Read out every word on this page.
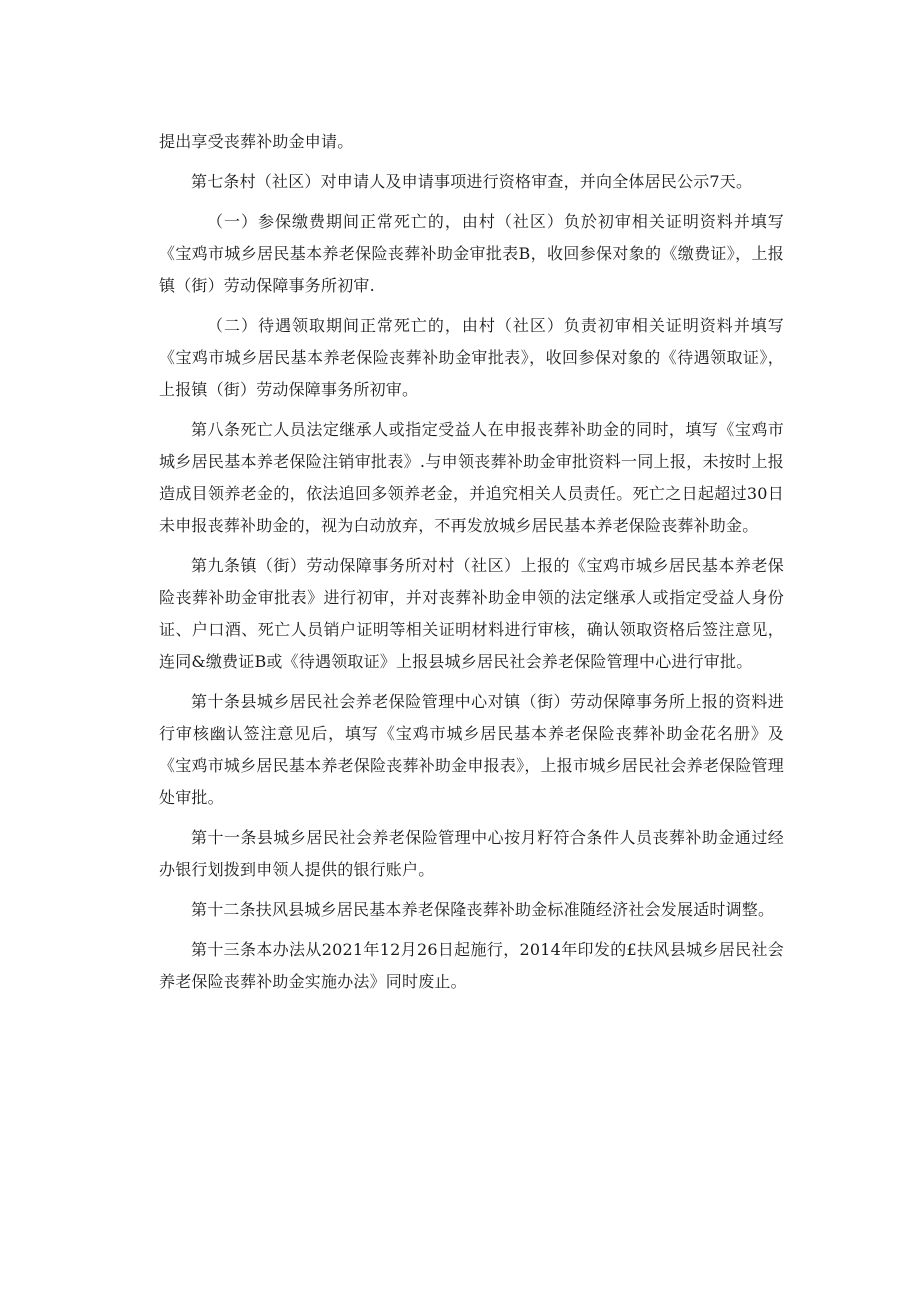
提出享受丧葬补助金申请。

第七条村（社区）对申请人及申请事项进行资格审查，并向全体居民公示7天。

（一）参保缴费期间正常死亡的，由村（社区）负於初审相关证明资料并填写《宝鸡市城乡居民基本养老保险丧葬补助金审批表B，收回参保对象的《缴费证》，上报镇（街）劳动保障事务所初审.

（二）待遇领取期间正常死亡的，由村（社区）负责初审相关证明资料并填写《宝鸡市城乡居民基本养老保险丧葬补助金审批表》，收回参保对象的《待遇领取证》，上报镇（街）劳动保障事务所初审。

第八条死亡人员法定继承人或指定受益人在申报丧葬补助金的同时，填写《宝鸡市城乡居民基本养老保险注销审批表》.与申领丧葬补助金审批资料一同上报，未按时上报造成目领养老金的，依法追回多领养老金，并追究相关人员责任。死亡之日起超过30日未申报丧葬补助金的，视为白动放弃，不再发放城乡居民基本养老保险丧葬补助金。

第九条镇（街）劳动保障事务所对村（社区）上报的《宝鸡市城乡居民基本养老保险丧葬补助金审批表》进行初审，并对丧葬补助金申领的法定继承人或指定受益人身份证、户口酒、死亡人员销户证明等相关证明材料进行审核，确认领取资格后签注意见，连同&缴费证B或《待遇领取证》上报县城乡居民社会养老保险管理中心进行审批。

第十条县城乡居民社会养老保险管理中心对镇（街）劳动保障事务所上报的资料进行审核幽认签注意见后，填写《宝鸡市城乡居民基本养老保险丧葬补助金花名册》及《宝鸡市城乡居民基本养老保险丧葬补助金申报表》，上报市城乡居民社会养老保险管理处审批。

第十一条县城乡居民社会养老保险管理中心按月籽符合条件人员丧葬补助金通过经办银行划拨到申领人提供的银行账户。

第十二条扶风县城乡居民基本养老保隆丧葬补助金标准随经济社会发展适时调整。

第十三条本办法从2021年12月26日起施行，2014年印发的£扶风县城乡居民社会养老保险丧葬补助金实施办法》同时废止。
